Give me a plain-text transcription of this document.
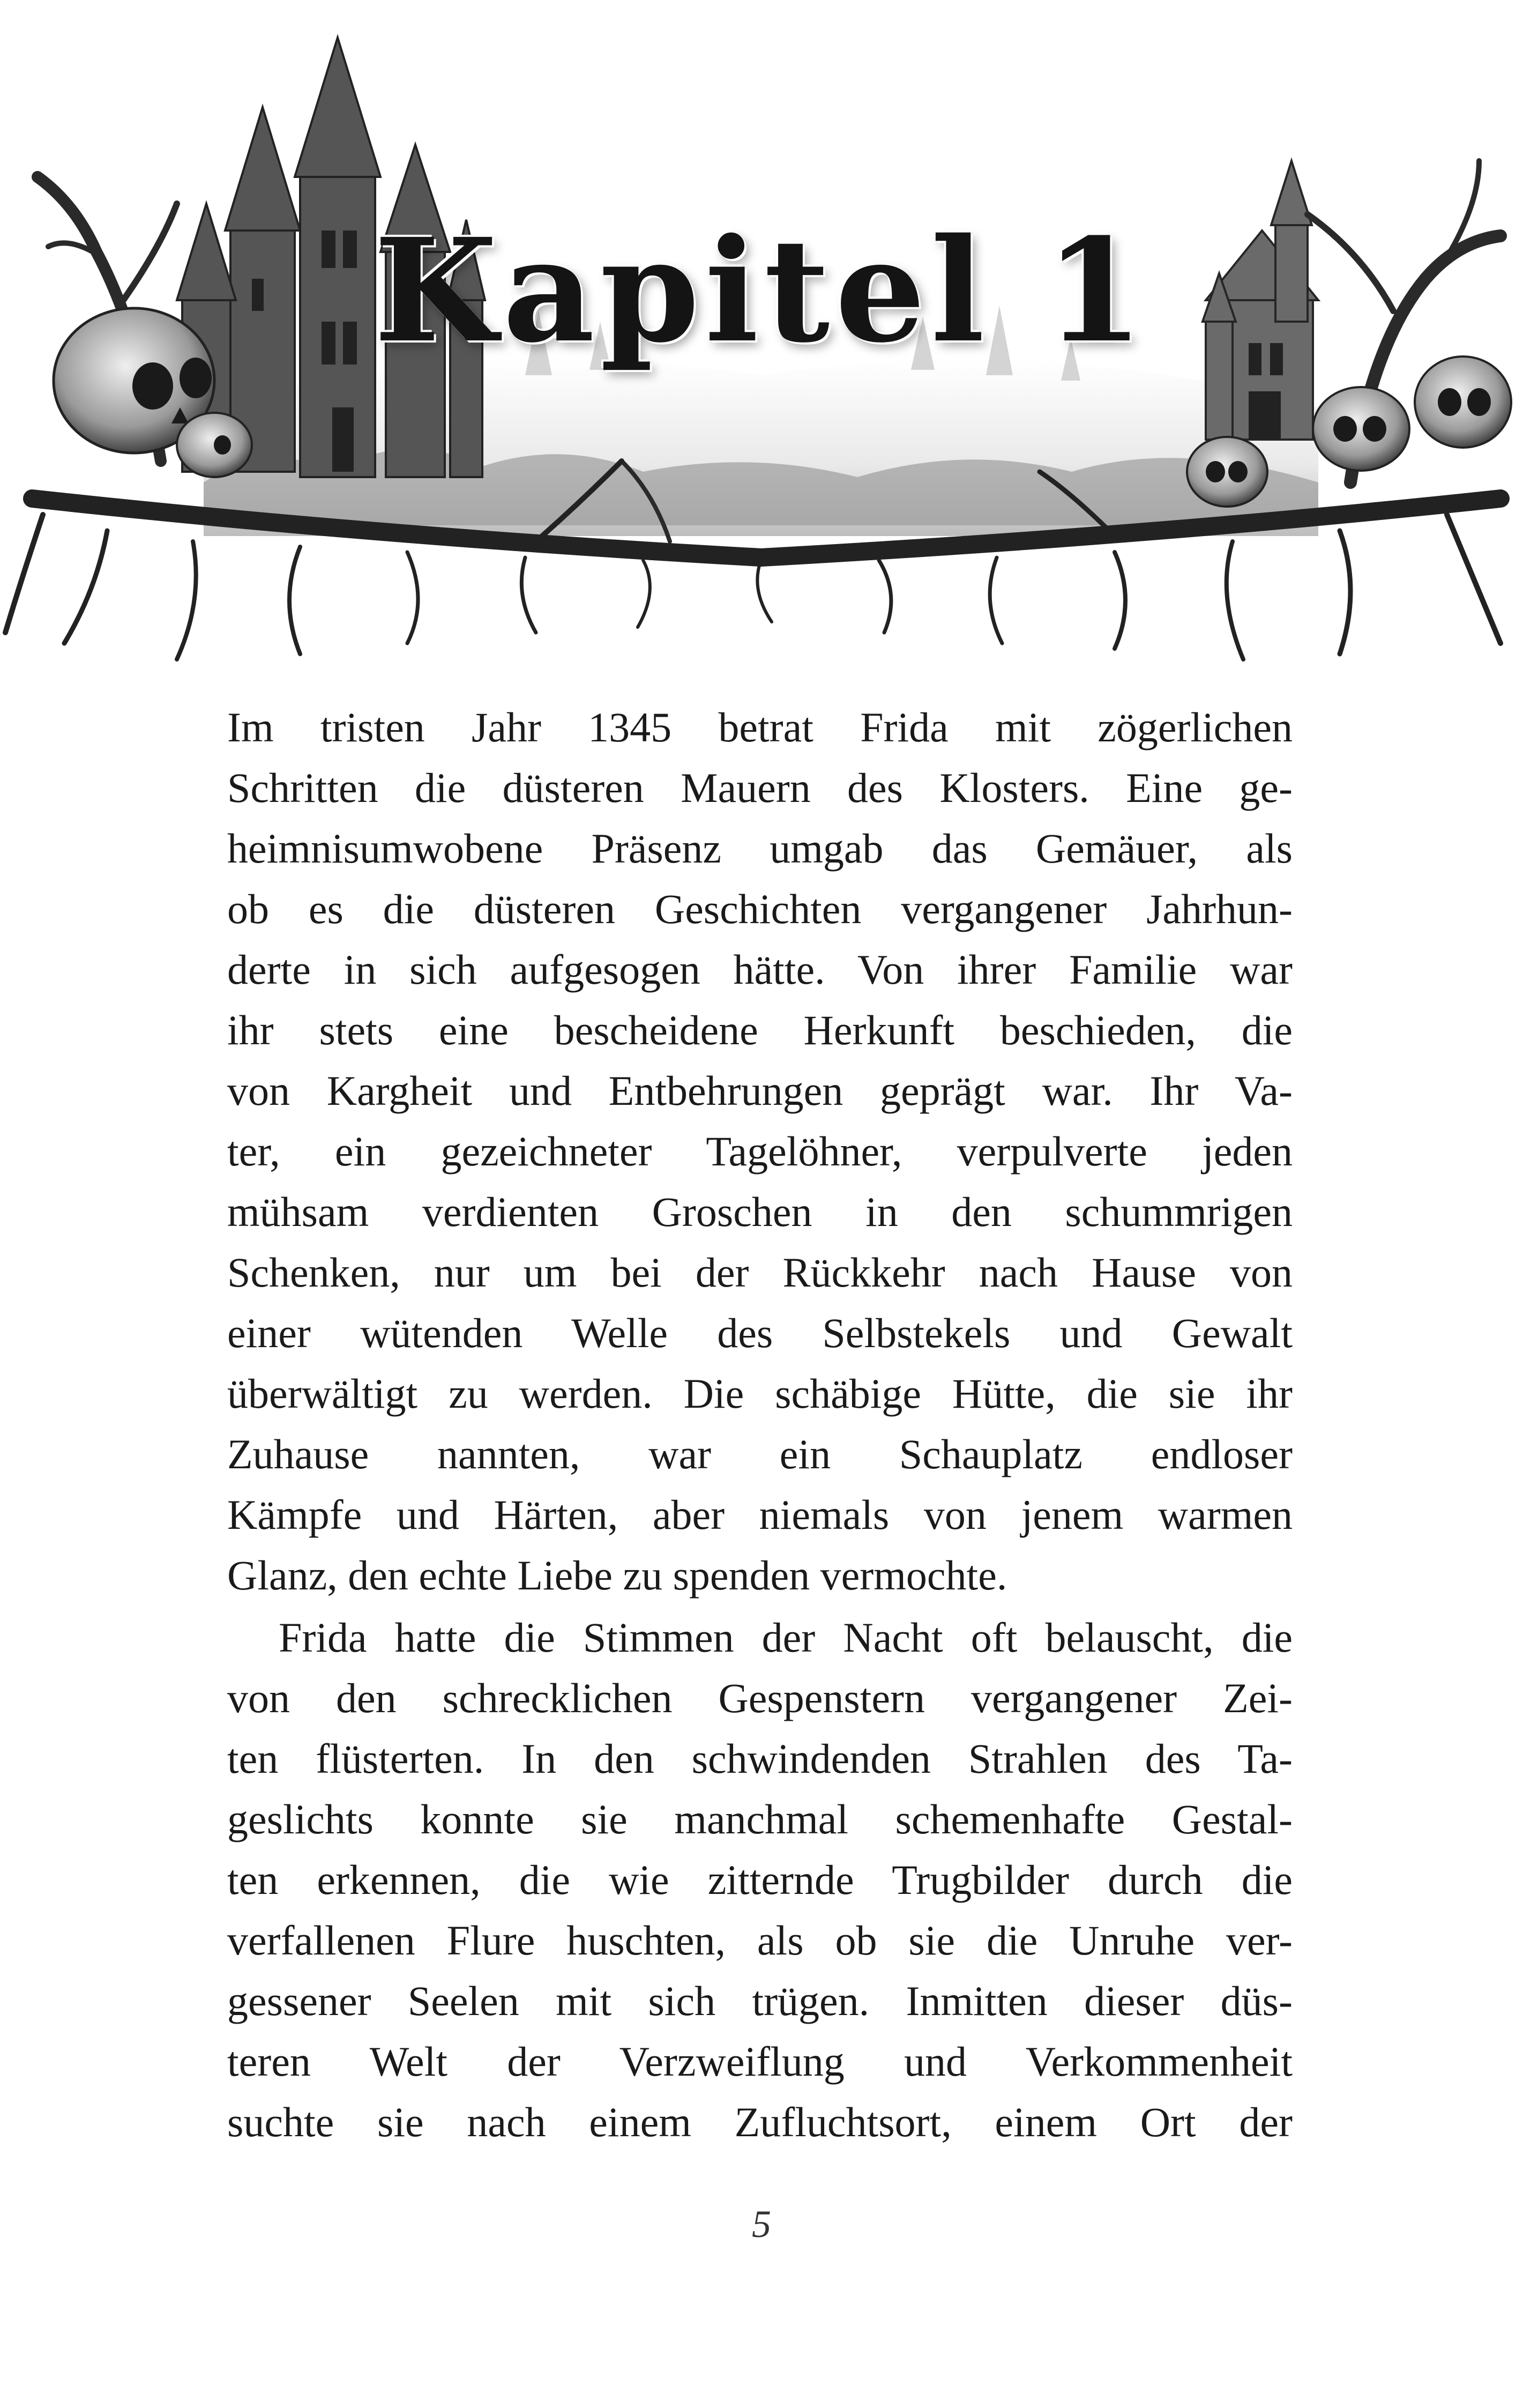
Kapitel 1
Im tristen Jahr 1345 betrat Frida mit zögerlichen
Schritten die düsteren Mauern des Klosters. Eine ge-
heimnisumwobene Präsenz umgab das Gemäuer, als
ob es die düsteren Geschichten vergangener Jahrhun-
derte in sich aufgesogen hätte. Von ihrer Familie war
ihr stets eine bescheidene Herkunft beschieden, die
von Kargheit und Entbehrungen geprägt war. Ihr Va-
ter, ein gezeichneter Tagelöhner, verpulverte jeden
mühsam verdienten Groschen in den schummrigen
Schenken, nur um bei der Rückkehr nach Hause von
einer wütenden Welle des Selbstekels und Gewalt
überwältigt zu werden. Die schäbige Hütte, die sie ihr
Zuhause nannten, war ein Schauplatz endloser
Kämpfe und Härten, aber niemals von jenem warmen
Glanz, den echte Liebe zu spenden vermochte.
Frida hatte die Stimmen der Nacht oft belauscht, die
von den schrecklichen Gespenstern vergangener Zei-
ten flüsterten. In den schwindenden Strahlen des Ta-
geslichts konnte sie manchmal schemenhafte Gestal-
ten erkennen, die wie zitternde Trugbilder durch die
verfallenen Flure huschten, als ob sie die Unruhe ver-
gessener Seelen mit sich trügen. Inmitten dieser düs-
teren Welt der Verzweiflung und Verkommenheit
suchte sie nach einem Zufluchtsort, einem Ort der
5
